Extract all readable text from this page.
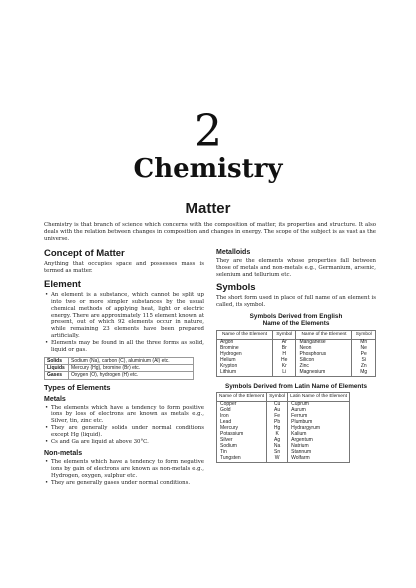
2
Chemistry
Matter
Chemistry is that branch of science which concerns with the composition of matter, its properties and structure. It also deals with the relation between changes in composition and changes in energy. The scope of the subject is as vast as the universe.
Concept of Matter
Anything that occupies space and possesses mass is termed as matter.
Element
• An element is a substance, which cannot be split up into two or more simpler substances by the usual chemical methods of applying heat, light or electric energy. There are approximately 115 element known at present, out of which 92 elements occur in nature, while remaining 23 elements have been prepared artificially.
• Elements may be found in all the three forms as solid, liquid or gas.
Solids	Sodium (Na), carbon (C), aluminium (Al) etc.
Liquids	Mercury (Hg), bromine (Br) etc.
Gases	Oxygen (O), hydrogen (H) etc.
Types of Elements
Metals
• The elements which have a tendency to form positive ions by loss of electrons are known as metals e.g., Silver, tin, zinc etc.
• They are generally solids under normal conditions except Hg (liquid).
• Cs and Ga are liquid at above 30°C.
Non-metals
• The elements which have a tendency to form negative ions by gain of electrons are known as non-metals e.g., Hydrogen, oxygen, sulphur etc.
• They are generally gases under normal conditions.
Metalloids
They are the elements whose properties fall between those of metals and non-metals e.g., Germanium, arsenic, selenium and tellurium etc.
Symbols
The short form used in place of full name of an element is called, its symbol.
Symbols Derived from English
Name of the Elements
Name of the Element	Symbol	Name of the Element	Symbol
Argon	Ar	Manganese	Mn
Bromine	Br	Neon	Ne
Hydrogen	H	Phosphorus	Pe
Helium	He	Silicon	Si
Krypton	Kr	Zinc	Zn
Lithium	Li	Magnesium	Mg
Symbols Derived from Latin Name of Elements
Name of the Element	Symbol	Latin Name of the Element
Copper	Cu	Cuprum
Gold	Au	Aurum
Iron	Fe	Ferrum
Lead	Pb	Plumbum
Mercury	Hg	Hydrargyrum
Potassium	K	Kalium
Silver	Ag	Argentum
Sodium	Na	Natrium
Tin	Sn	Stannum
Tungsten	W	Wolfarm
